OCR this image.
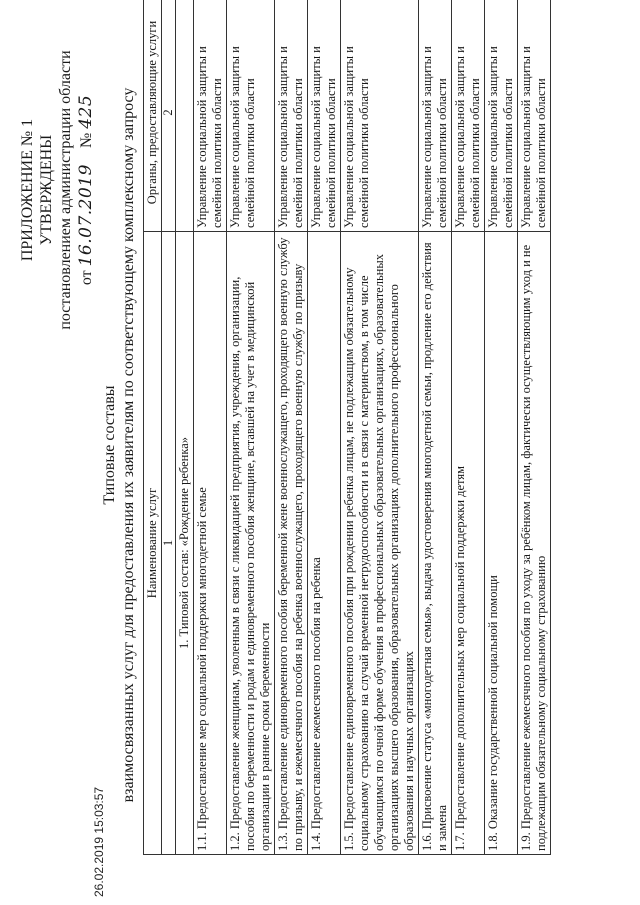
ПРИЛОЖЕНИЕ № 1 УТВЕРЖДЕНЫ постановлением администрации области от 16.07.2019    № 425
Типовые составы взаимосвязанных услуг для предоставления их заявителям по соответствующему комплексному запросу Наименование услуг	Органы, предоставляющие услуги
1	2
1. Типовой состав: «Рождение ребенка»	
1.1. Предоставление мер социальной поддержки многодетной семье	Управление социальной защиты и семейной политики области
1.2. Предоставление женщинам, уволенным в связи с ликвидацией предприятия, учреждения, организации, пособия по беременности и родам и единовременного пособия женщине, вставшей на учет в медицинской организации в ранние сроки беременности	Управление социальной защиты и семейной политики области
1.3. Предоставление единовременного пособия беременной жене военнослужащего, проходящего военную службу по призыву, и ежемесячного пособия на ребенка военнослужащего, проходящего военную службу по призыву	Управление социальной защиты и семейной политики области
1.4. Предоставление ежемесячного пособия на ребенка	Управление социальной защиты и семейной политики области
1.5. Предоставление единовременного пособия при рождении ребенка лицам, не подлежащим обязательному социальному страхованию на случай временной нетрудоспособности и в связи с материнством, в том числе обучающимся по очной форме обучения в профессиональных образовательных организациях, образовательных организациях высшего образования, образовательных организациях дополнительного профессионального образования и научных организациях	Управление социальной защиты и семейной политики области
1.6. Присвоение статуса «многодетная семья», выдача удостоверения многодетной семьи, продление его действия и замена	Управление социальной защиты и семейной политики области
1.7. Предоставление дополнительных мер социальной поддержки детям	Управление социальной защиты и семейной политики области
1.8. Оказание государственной социальной помощи	Управление социальной защиты и семейной политики области
1.9. Предоставление ежемесячного пособия по уходу за ребёнком лицам, фактически осуществляющим уход и не подлежащим обязательному социальному страхованию	Управление социальной защиты и семейной политики области
26.02.2019 15:03:57
